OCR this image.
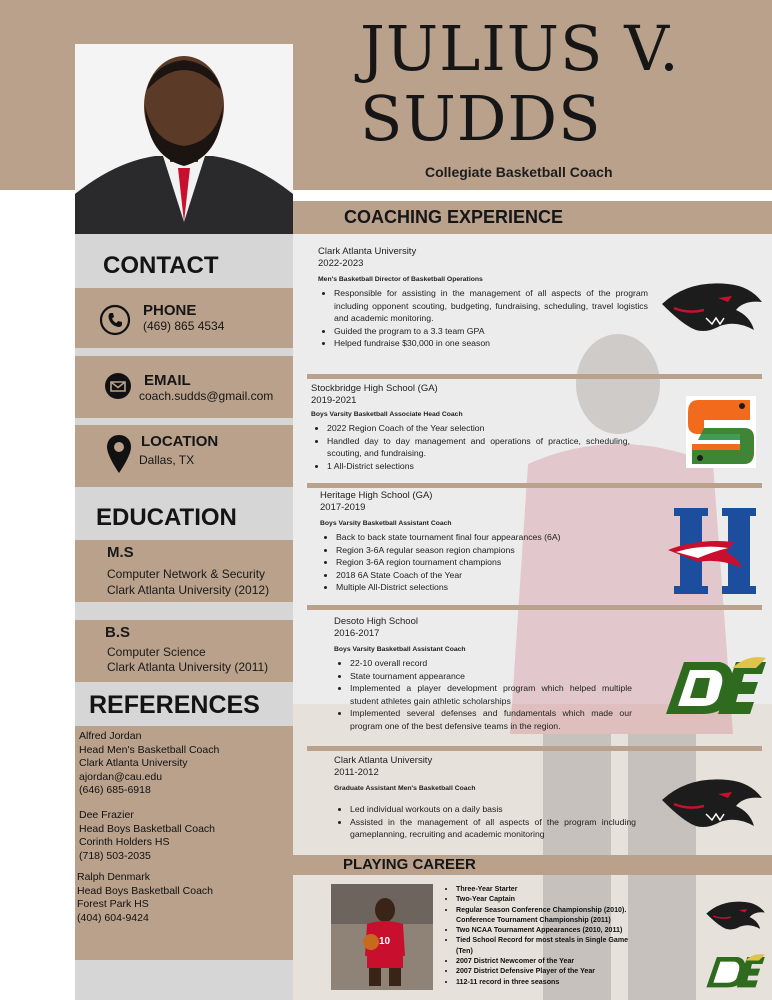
JULIUS V.
SUDDS
Collegiate Basketball Coach
CONTACT
PHONE
(469) 865 4534
EMAIL
coach.sudds@gmail.com
LOCATION
Dallas, TX
EDUCATION
M.S
Computer Network & Security
Clark Atlanta University (2012)
B.S
Computer Science
Clark Atlanta University (2011)
REFERENCES
Alfred Jordan
Head Men's Basketball Coach
Clark Atlanta University
ajordan@cau.edu
(646) 685-6918
Dee Frazier
Head Boys Basketball Coach
Corinth Holders HS
(718) 503-2035
Ralph Denmark
Head Boys Basketball Coach
Forest Park HS
(404) 604-9424
COACHING EXPERIENCE
Clark Atlanta University
2022-2023
Men's Basketball Director of Basketball Operations
• Responsible for assisting in the management of all aspects of the program including opponent scouting, budgeting, fundraising, scheduling, travel logistics and academic monitoring.
• Guided the program to a 3.3 team GPA
• Helped fundraise $30,000 in one season
Stockbridge High School (GA)
2019-2021
Boys Varsity Basketball Associate Head Coach
• 2022 Region Coach of the Year selection
• Handled day to day management and operations of practice, scheduling, scouting, and fundraising.
• 1 All-District selections
Heritage High School (GA)
2017-2019
Boys Varsity Basketball Assistant Coach
• Back to back state tournament final four appearances (6A)
• Region 3-6A regular season region champions
• Region 3-6A region tournament champions
• 2018 6A State Coach of the Year
• Multiple All-District selections
Desoto High School
2016-2017
Boys Varsity Basketball Assistant Coach
• 22-10 overall record
• State tournament appearance
• Implemented a player development program which helped multiple student athletes gain athletic scholarships
• Implemented several defenses and fundamentals which made our program one of the best defensive teams in the region.
Clark Atlanta University
2011-2012
Graduate Assistant Men's Basketball Coach
• Led individual workouts on a daily basis
• Assisted in the management of all aspects of the program including gameplanning, recruiting and academic monitoring
PLAYING CAREER
10
• Three-Year Starter
• Two-Year Captain
• Regular Season Conference Championship (2010). Conference Tournament Championship (2011)
• Two NCAA Tournament Appearances (2010, 2011)
• Tied School Record for most steals in Single Game (Ten)
• 2007 District Newcomer of the Year
• 2007 District Defensive Player of the Year
• 112-11 record in three seasons
